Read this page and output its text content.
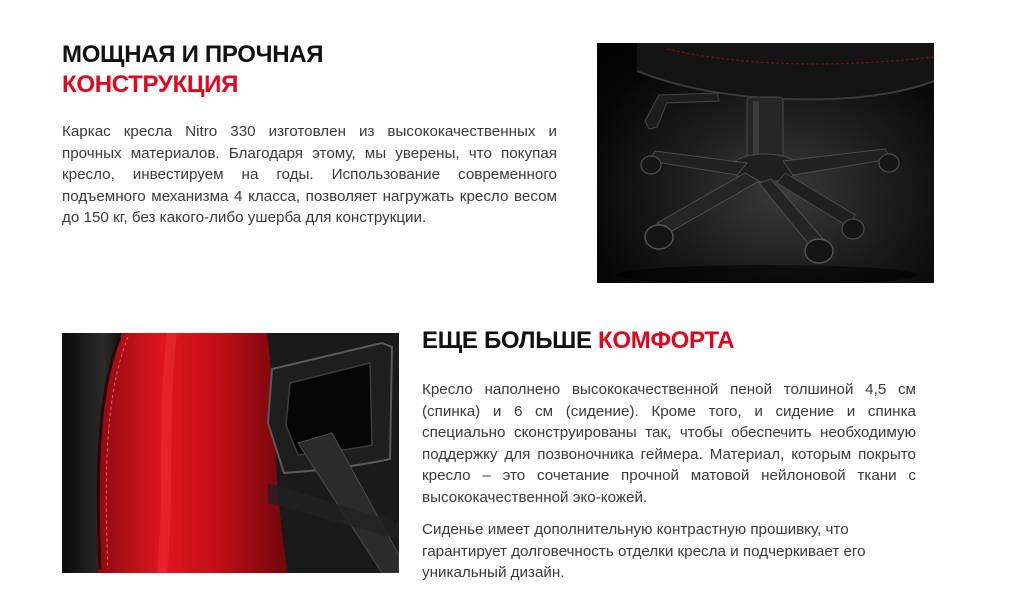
МОЩНАЯ И ПРОЧНАЯ
КОНСТРУКЦИЯ

Каркас кресла Nitro 330 изготовлен из высококачественных и прочных материалов. Благодаря этому, мы уверены, что покупая кресло, инвестируем на годы. Использование современного подъемного механизма 4 класса, позволяет нагружать кресло весом до 150 кг, без какого-либо ушерба для конструкции.

ЕЩЕ БОЛЬШЕ КОМФОРТА

Кресло наполнено высококачественной пеной толшиной 4,5 см (спинка) и 6 см (сидение). Кроме того, и сидение и спинка специально сконструированы так, чтобы обеспечить необходимую поддержку для позвоночника геймера. Материал, которым покрыто кресло – это сочетание прочной матовой нейлоновой ткани с высококачественной эко-кожей.

Сиденье имеет дополнительную контрастную прошивку, что гарантирует долговечность отделки кресла и подчеркивает его уникальный дизайн.
